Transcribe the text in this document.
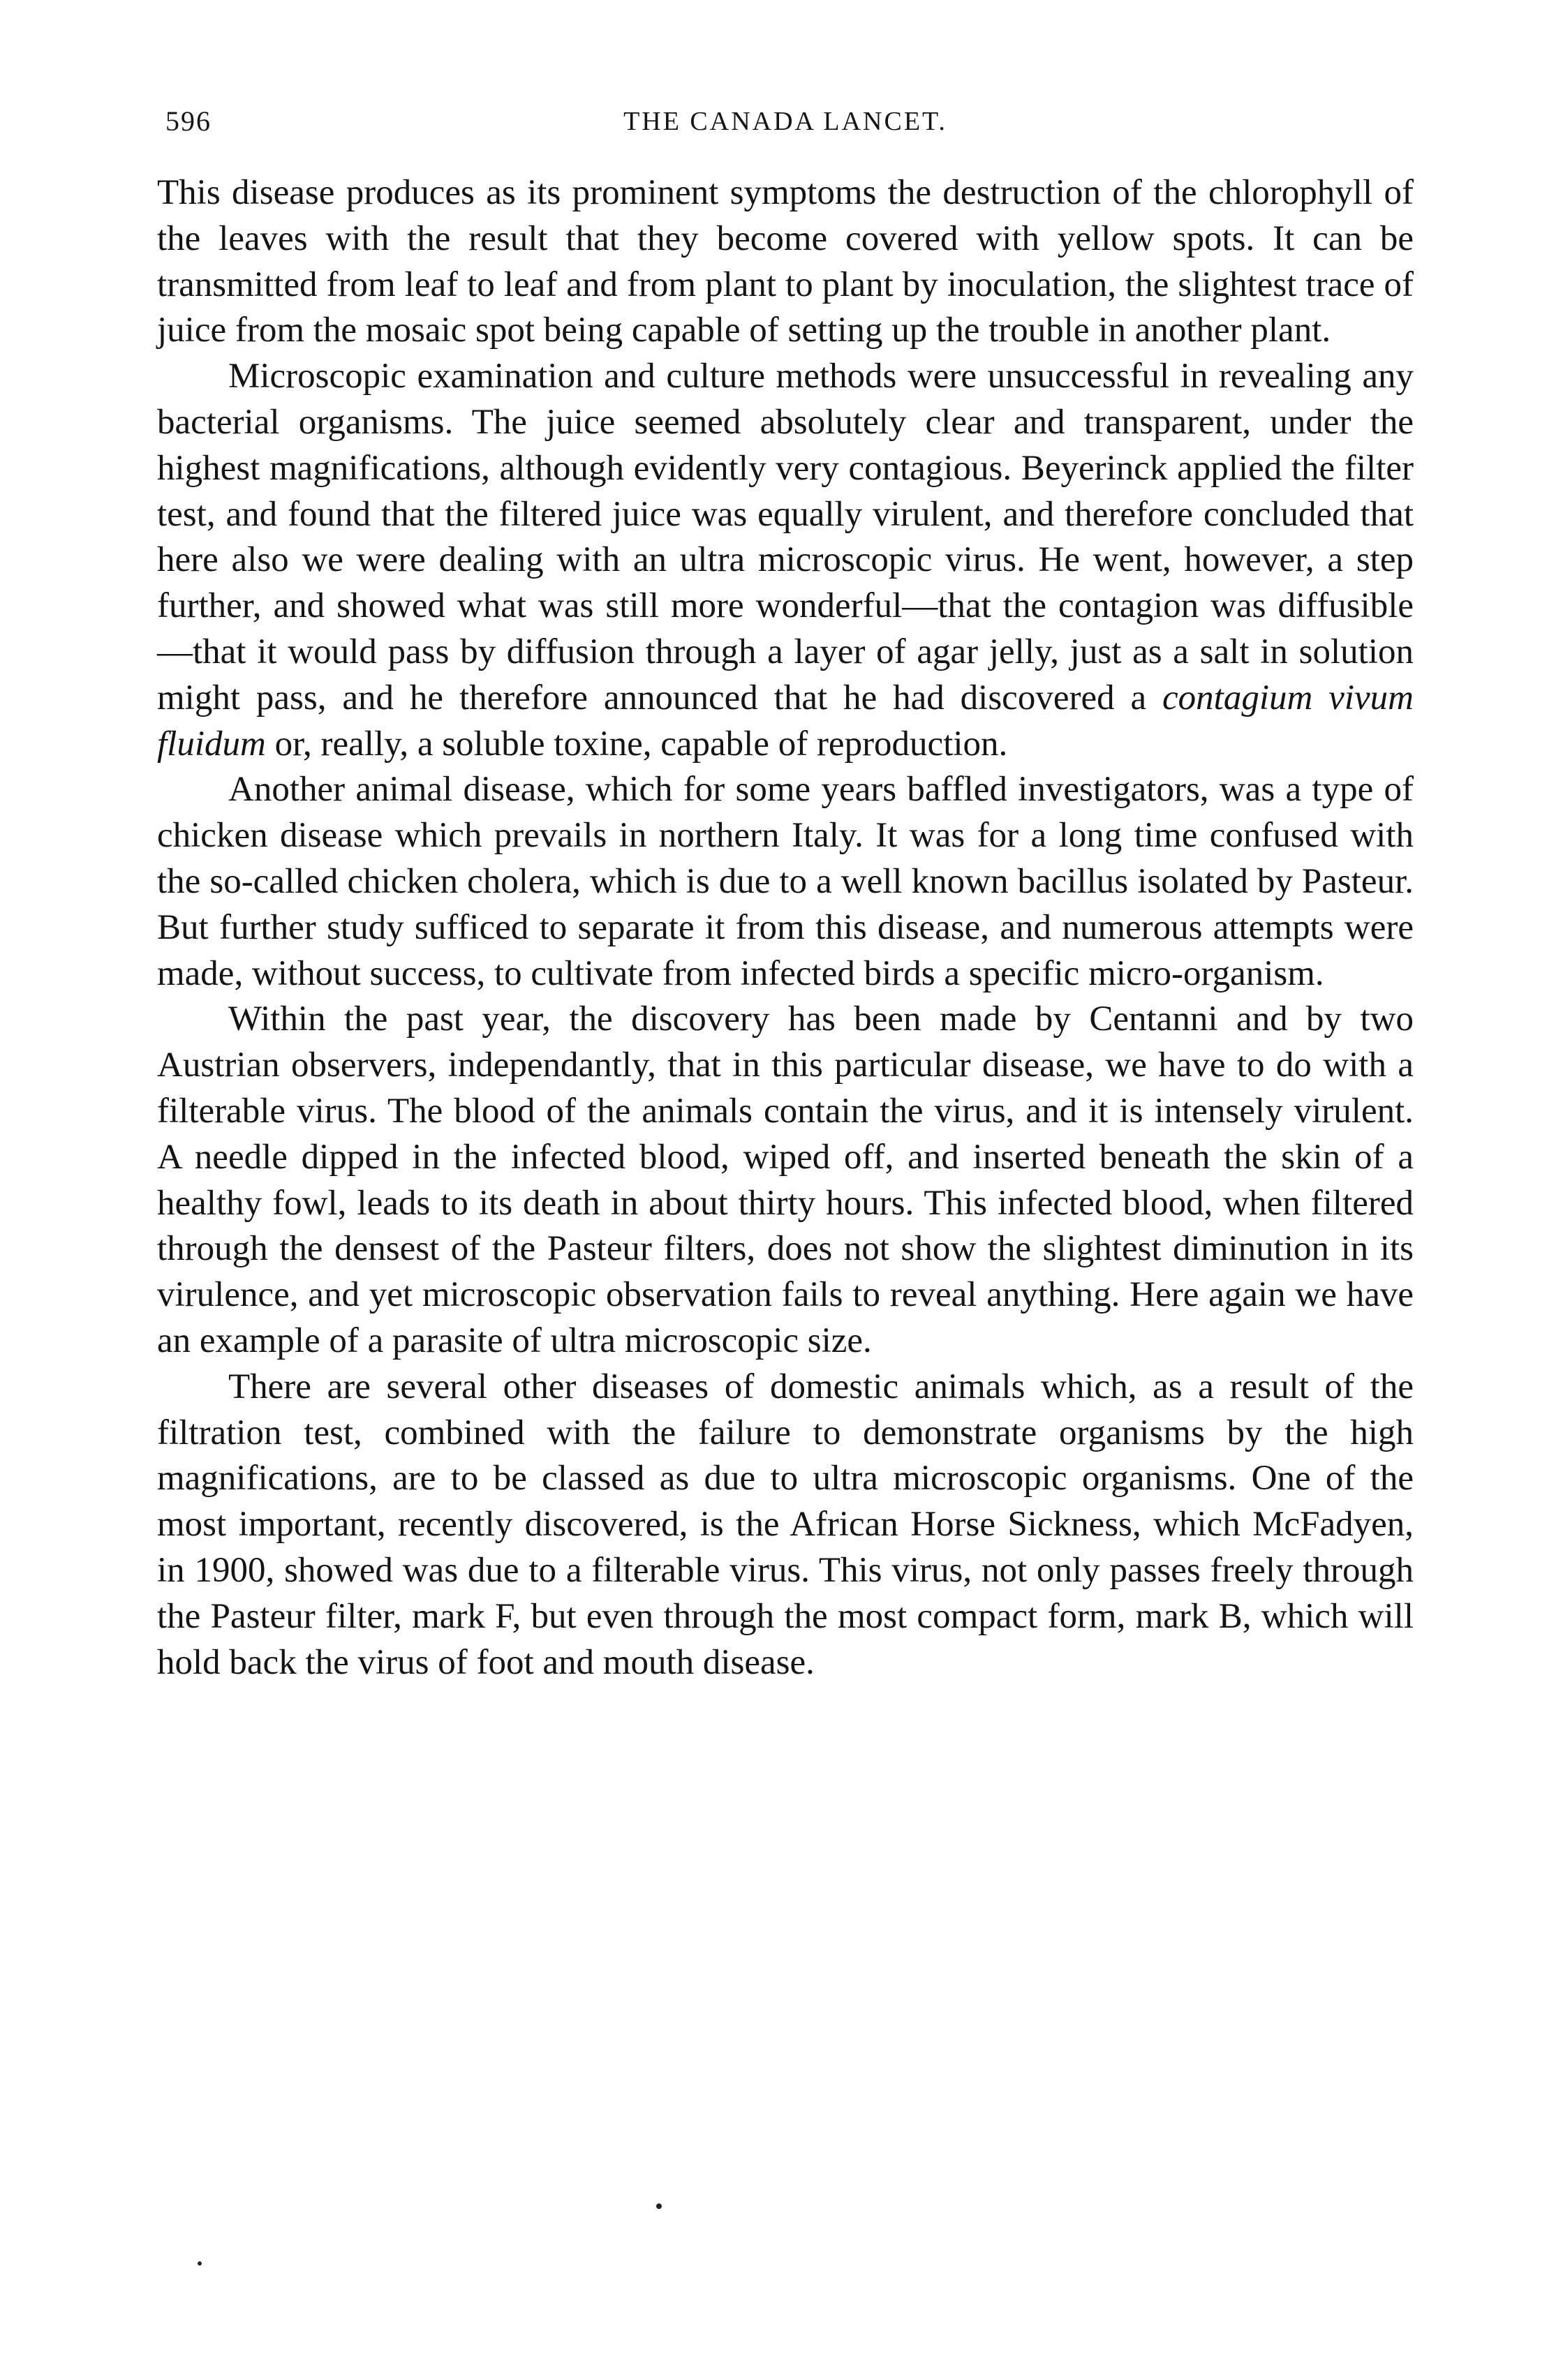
596	THE CANADA LANCET.

This disease produces as its prominent symptoms the destruction of the chlorophyll of the leaves with the result that they become covered with yellow spots. It can be transmitted from leaf to leaf and from plant to plant by inoculation, the slightest trace of juice from the mosaic spot being capable of setting up the trouble in another plant.

Microscopic examination and culture methods were unsuccessful in revealing any bacterial organisms. The juice seemed absolutely clear and transparent, under the highest magnifications, although evidently very contagious. Beyerinck applied the filter test, and found that the filtered juice was equally virulent, and therefore concluded that here also we were dealing with an ultra microscopic virus. He went, however, a step further, and showed what was still more wonderful—that the contagion was diffusible—that it would pass by diffusion through a layer of agar jelly, just as a salt in solution might pass, and he therefore announced that he had discovered a contagium vivum fluidum or, really, a soluble toxine, capable of reproduction.

Another animal disease, which for some years baffled investigators, was a type of chicken disease which prevails in northern Italy. It was for a long time confused with the so-called chicken cholera, which is due to a well known bacillus isolated by Pasteur. But further study sufficed to separate it from this disease, and numerous attempts were made, without success, to cultivate from infected birds a specific micro-organism.

Within the past year, the discovery has been made by Centanni and by two Austrian observers, independantly, that in this particular disease, we have to do with a filterable virus. The blood of the animals contain the virus, and it is intensely virulent. A needle dipped in the infected blood, wiped off, and inserted beneath the skin of a healthy fowl, leads to its death in about thirty hours. This infected blood, when filtered through the densest of the Pasteur filters, does not show the slightest diminution in its virulence, and yet microscopic observation fails to reveal anything. Here again we have an example of a parasite of ultra microscopic size.

There are several other diseases of domestic animals which, as a result of the filtration test, combined with the failure to demonstrate organisms by the high magnifications, are to be classed as due to ultra microscopic organisms. One of the most important, recently discovered, is the African Horse Sickness, which McFadyen, in 1900, showed was due to a filterable virus. This virus, not only passes freely through the Pasteur filter, mark F, but even through the most compact form, mark B, which will hold back the virus of foot and mouth disease.
